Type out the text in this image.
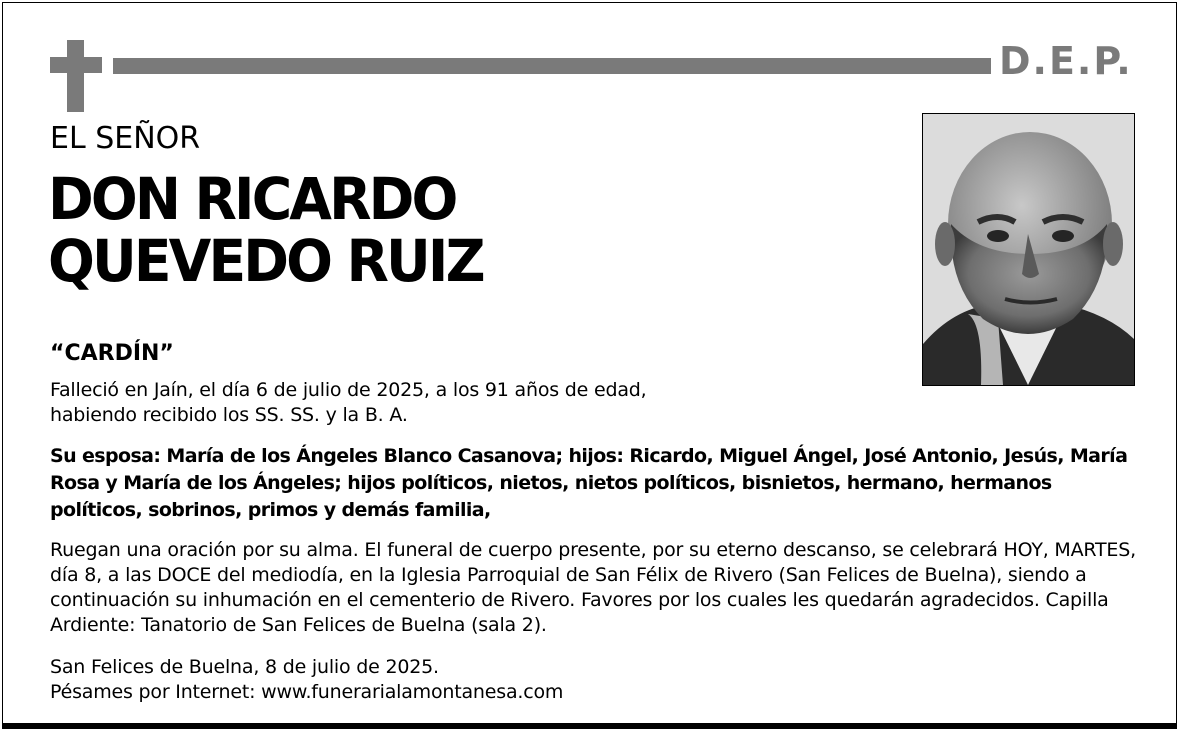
D.E.P.
EL SEÑOR
DON RICARDO
QUEVEDO RUIZ
“CARDÍN”
Falleció en Jaín, el día 6 de julio de 2025, a los 91 años de edad, habiendo recibido los SS. SS. y la B. A.
Su esposa: María de los Ángeles Blanco Casanova; hijos: Ricardo, Miguel Ángel, José Antonio, Jesús, María Rosa y María de los Ángeles; hijos políticos, nietos, nietos políticos, bisnietos, hermano, hermanos políticos, sobrinos, primos y demás familia,
Ruegan una oración por su alma. El funeral de cuerpo presente, por su eterno descanso, se celebrará HOY, MARTES, día 8, a las DOCE del mediodía, en la Iglesia Parroquial de San Félix de Rivero (San Felices de Buelna), siendo a continuación su inhumación en el cementerio de Rivero. Favores por los cuales les quedarán agradecidos. Capilla Ardiente: Tanatorio de San Felices de Buelna (sala 2).
San Felices de Buelna, 8 de julio de 2025.
Pésames por Internet: www.funerarialamontanesa.com
